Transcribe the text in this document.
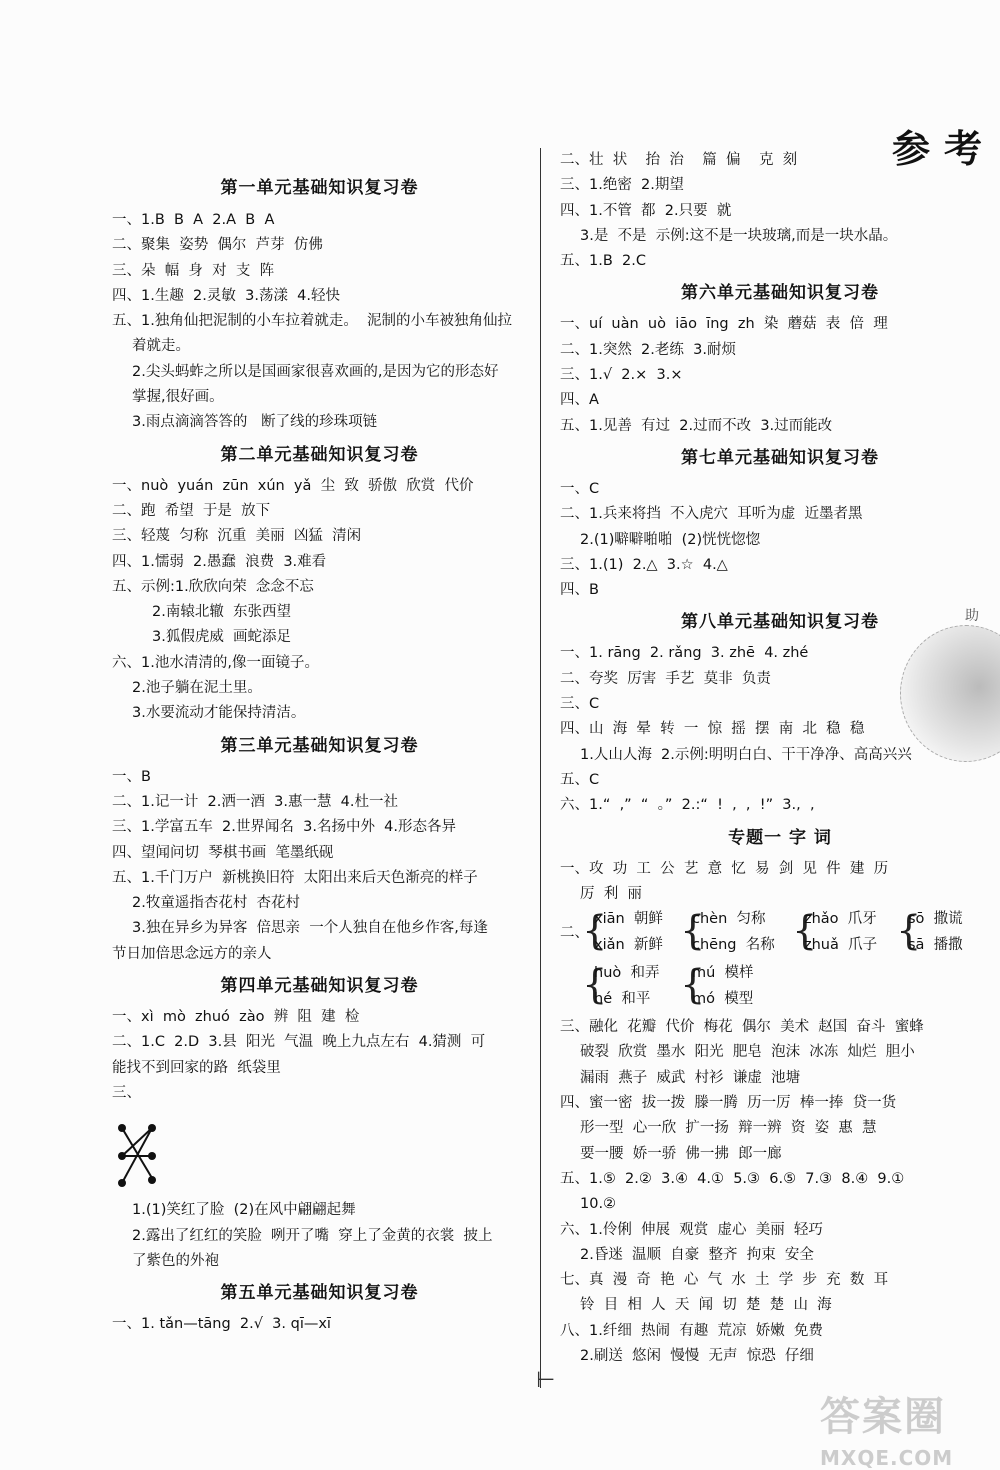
参考
第一单元基础知识复习卷
一、1.B  B  A  2.A  B  A
二、聚集  姿势  偶尔  芦芽  仿佛
三、朵  幅  身  对  支  阵
四、1.生趣  2.灵敏  3.荡漾  4.轻快
五、1.独角仙把泥制的小车拉着就走。  泥制的小车被独角仙拉
着就走。
2.尖头蚂蚱之所以是国画家很喜欢画的,是因为它的形态好
掌握,很好画。
3.雨点滴滴答答的   断了线的珍珠项链
第二单元基础知识复习卷
一、nuò  yuán  zūn  xún  yǎ  尘  致  骄傲  欣赏  代价
二、跑  希望  于是  放下
三、轻蔑  匀称  沉重  美丽  凶猛  清闲
四、1.懦弱  2.愚蠢  浪费  3.难看
五、示例:1.欣欣向荣  念念不忘
2.南辕北辙  东张西望
3.狐假虎威  画蛇添足
六、1.池水清清的,像一面镜子。
2.池子躺在泥土里。
3.水要流动才能保持清洁。
第三单元基础知识复习卷
一、B
二、1.记一计  2.洒一酒  3.惠一慧  4.杜一社
三、1.学富五车  2.世界闻名  3.名扬中外  4.形态各异
四、望闻问切  琴棋书画  笔墨纸砚
五、1.千门万户  新桃换旧符  太阳出来后天色渐亮的样子
2.牧童遥指杏花村  杏花村
3.独在异乡为异客  倍思亲  一个人独自在他乡作客,每逢
节日加倍思念远方的亲人
第四单元基础知识复习卷
一、xì  mò  zhuó  zào  辨  阻  建  检
二、1.C  2.D  3.县  阳光  气温  晚上九点左右  4.猜测  可
能找不到回家的路  纸袋里
三、
1.(1)笑红了脸  (2)在风中翩翩起舞
2.露出了红红的笑脸  咧开了嘴  穿上了金黄的衣裳  披上
了紫色的外袍
第五单元基础知识复习卷
一、1. tǎn—tāng  2.√  3. qī—xī
二、壮  状    抬  治    篇  偏    克  刻
三、1.绝密  2.期望
四、1.不管  都  2.只要  就
3.是  不是  示例:这不是一块玻璃,而是一块水晶。
五、1.B  2.C
第六单元基础知识复习卷
一、uí  uàn  uò  iāo  īng  zh  染  蘑菇  表  倍  理
二、1.突然  2.老练  3.耐烦
三、1.√  2.×  3.×
四、A
五、1.见善  有过  2.过而不改  3.过而能改
第七单元基础知识复习卷
一、C
二、1.兵来将挡  不入虎穴  耳听为虚  近墨者黑
2.(1)噼噼啪啪  (2)恍恍惚惚
三、1.(1)  2.△  3.☆  4.△
四、B
第八单元基础知识复习卷
一、1. rāng  2. rǎng  3. zhē  4. zhé
二、夸奖  厉害  手艺  莫非  负责
三、C
四、山  海  晕  转  一  惊  摇  摆  南  北  稳  稳
1.人山人海  2.示例:明明白白、干干净净、高高兴兴
五、C
六、1.“  ,”  “  。”  2.:“  !  ,  ,  !”  3.,  ,
专题一 字 词
一、攻  功  工  公  艺  意  忆  易  剑  见  件  建  历
厉  利  丽
二、
{
xiān  朝鲜
xiǎn  新鲜 {
chèn  匀称
chēng  名称 {
zhǎo  爪牙
zhuǎ  爪子 {
sō  撒谎
sā  播撒
{
huò  和弄
hé  和平 {
mú  模样
mó  模型
三、融化  花瓣  代价  梅花  偶尔  美术  赵国  奋斗  蜜蜂
破裂  欣赏  墨水  阳光  肥皂  泡沫  冰冻  灿烂  胆小
漏雨  燕子  威武  村衫  谦虚  池塘
四、蜜一密  拔一拨  滕一腾  历一厉  棒一捧  贷一货
形一型  心一欣  扩一扬  辩一辨  资  姿  惠  慧
要一腰  娇一骄  佛一拂  郎一廊
五、1.⑤  2.②  3.④  4.①  5.③  6.⑤  7.③  8.④  9.①
10.②
六、1.伶俐  伸展  观赏  虚心  美丽  轻巧
2.昏迷  温顺  自豪  整齐  拘束  安全
七、真  漫  奇  艳  心  气  水  土  学  步  充  数  耳
铃  目  相  人  天  闻  切  楚  楚  山  海
八、1.纤细  热闹  有趣  荒凉  娇嫩  免费
2.刷送  悠闲  慢慢  无声  惊恐  仔细
助
⊢
答案圈
MXQE.COM
